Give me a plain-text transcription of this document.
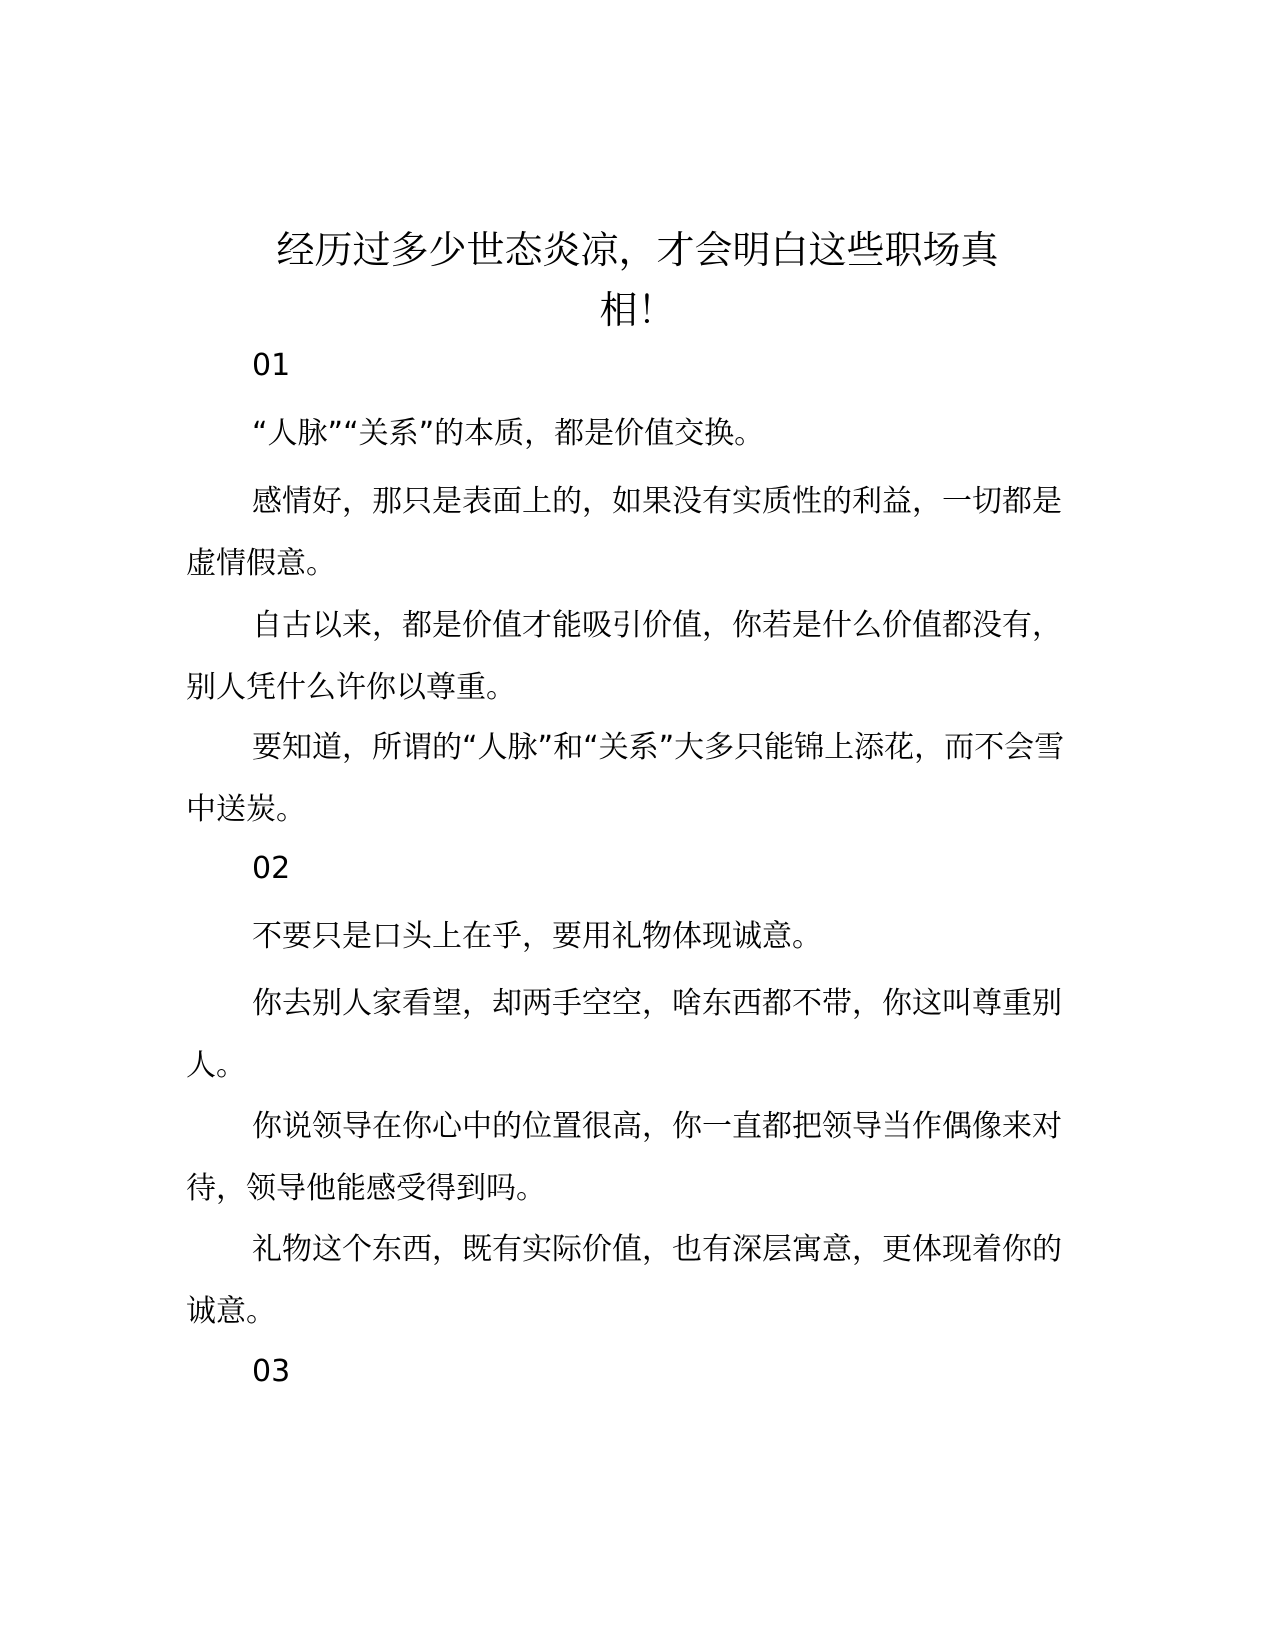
经历过多少世态炎凉，才会明白这些职场真
相！
01

“人脉”“关系”的本质，都是价值交换。

感情好，那只是表面上的，如果没有实质性的利益，一切都是虚情假意。

自古以来，都是价值才能吸引价值，你若是什么价值都没有，别人凭什么许你以尊重。

要知道，所谓的“人脉”和“关系”大多只能锦上添花，而不会雪中送炭。

02

不要只是口头上在乎，要用礼物体现诚意。

你去别人家看望，却两手空空，啥东西都不带，你这叫尊重别人。

你说领导在你心中的位置很高，你一直都把领导当作偶像来对待，领导他能感受得到吗。

礼物这个东西，既有实际价值，也有深层寓意，更体现着你的诚意。

03
